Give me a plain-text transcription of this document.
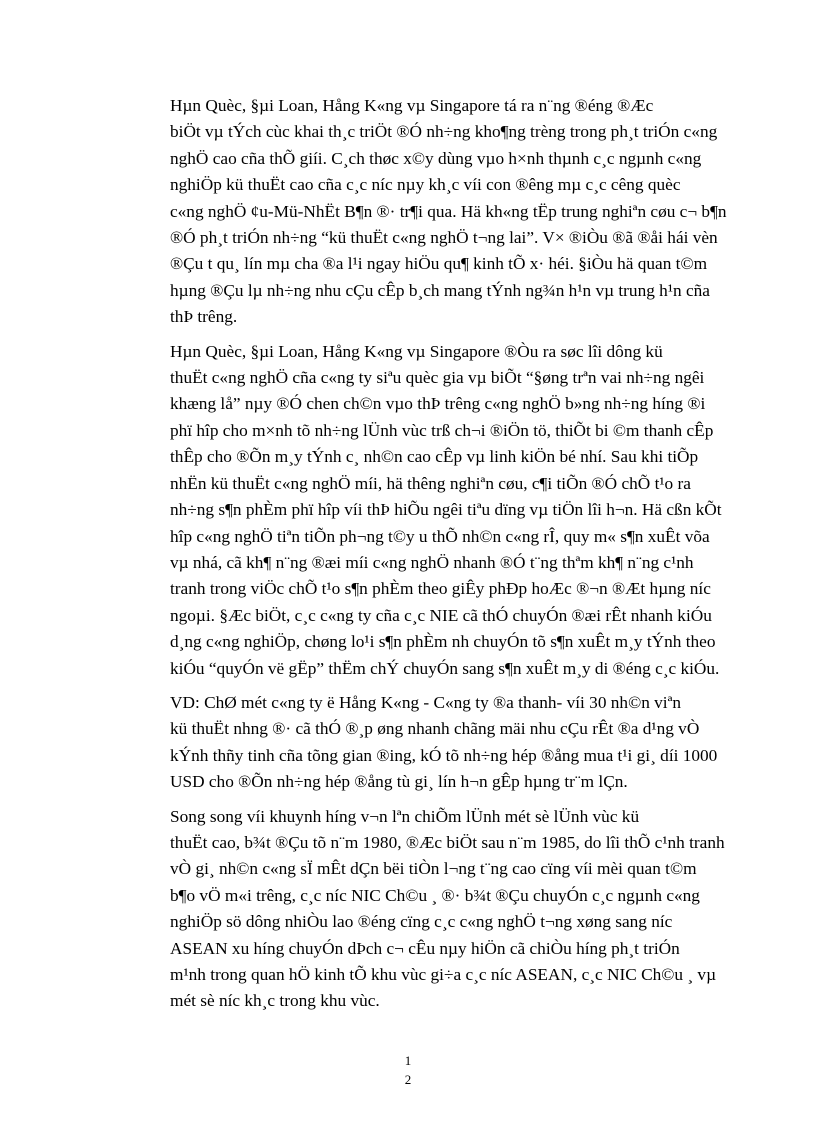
Hµn Quèc, §µi Loan, Hång K«ng vµ Singapore tá ra n¨ng ®éng ®Æc
biÖt vµ tÝch cùc khai th¸c triÖt ®Ó nh÷ng kho¶ng trèng trong ph¸t triÓn c«ng
nghÖ cao cña thÕ giíi. C¸ch thøc x©y dùng vµo h×nh thµnh c¸c ngµnh c«ng
nghiÖp kü thuËt cao cña c¸c níc nµy kh¸c víi con ®êng mµ c¸c cêng quèc
c«ng nghÖ ¢u-Mü-NhËt B¶n ®· tr¶i qua. Hä kh«ng tËp trung nghiªn cøu c¬ b¶n
®Ó ph¸t triÓn nh÷ng “kü thuËt c«ng nghÖ t¬ng lai”. V× ®iÒu ®ã ®åi hái vèn
®Çu t qu¸ lín mµ cha ®a l¹i ngay hiÖu qu¶ kinh tÕ x· héi. §iÒu hä quan t©m
hµng ®Çu lµ nh÷ng nhu cÇu cÊp b¸ch mang tÝnh ng¾n h¹n vµ trung h¹n cña
thÞ trêng.

Hµn Quèc, §µi Loan, Hång K«ng vµ Singapore ®Òu ra søc lîi dông kü
thuËt c«ng nghÖ cña c«ng ty siªu quèc gia vµ biÕt “§øng trªn vai nh÷ng ngêi
khæng lå” nµy ®Ó chen ch©n vµo thÞ trêng c«ng nghÖ b»ng nh÷ng híng ®i
phï hîp cho m×nh tõ nh÷ng lÜnh vùc trß ch¬i ®iÖn tö, thiÕt bi ©m thanh cÊp
thÊp cho ®Õn m¸y tÝnh c¸ nh©n cao cÊp vµ linh kiÖn bé nhí. Sau khi tiÕp
nhËn kü thuËt c«ng nghÖ míi, hä thêng nghiªn cøu, c¶i tiÕn ®Ó chÕ t¹o ra
nh÷ng s¶n phÈm phï hîp víi thÞ hiÕu ngêi tiªu dïng vµ tiÖn lîi h¬n. Hä cßn kÕt
hîp c«ng nghÖ tiªn tiÕn ph¬ng t©y u thÕ nh©n c«ng rÎ, quy m« s¶n xuÊt võa
vµ nhá, cã kh¶ n¨ng ®æi míi c«ng nghÖ nhanh ®Ó t¨ng thªm kh¶ n¨ng c¹nh
tranh trong viÖc chÕ t¹o s¶n phÈm theo giÊy phÐp hoÆc ®¬n ®Æt hµng níc
ngoµi. §Æc biÖt, c¸c c«ng ty cña c¸c NIE cã thÓ chuyÓn ®æi rÊt nhanh kiÓu
d¸ng c«ng nghiÖp, chøng lo¹i s¶n phÈm nh chuyÓn tõ s¶n xuÊt m¸y tÝnh theo
kiÓu “quyÓn vë gËp” thËm chÝ chuyÓn sang s¶n xuÊt m¸y di ®éng c¸c kiÓu.

VD: ChØ mét c«ng ty ë Hång K«ng - C«ng ty ®a thanh- víi 30 nh©n viªn
kü thuËt nhng ®· cã thÓ ®¸p øng nhanh chãng mäi nhu cÇu rÊt ®a d¹ng vÒ
kÝnh thñy tinh cña tõng gian ®ing, kÓ tõ nh÷ng hép ®ång mua t¹i gi¸ díi 1000
USD cho ®Õn nh÷ng hép ®ång tù gi¸ lín h¬n gÊp hµng tr¨m lÇn.

Song song víi khuynh híng v¬n lªn chiÕm lÜnh mét sè lÜnh vùc kü
thuËt cao, b¾t ®Çu tõ n¨m 1980, ®Æc biÖt sau n¨m 1985, do lîi thÕ c¹nh tranh
vÒ gi¸ nh©n c«ng sÏ mÊt dÇn bëi tiÒn l¬ng t¨ng cao cïng víi mèi quan t©m
b¶o vÖ m«i trêng, c¸c níc NIC Ch©u ¸ ®· b¾t ®Çu chuyÓn c¸c ngµnh c«ng
nghiÖp sö dông nhiÒu lao ®éng cïng c¸c c«ng nghÖ t¬ng xøng sang níc
ASEAN xu híng chuyÓn dÞch c¬ cÊu nµy hiÖn cã chiÒu híng ph¸t triÓn
m¹nh trong quan hÖ kinh tÕ khu vùc gi÷a c¸c níc ASEAN, c¸c NIC Ch©u ¸ vµ
mét sè níc kh¸c trong khu vùc.

1
2
